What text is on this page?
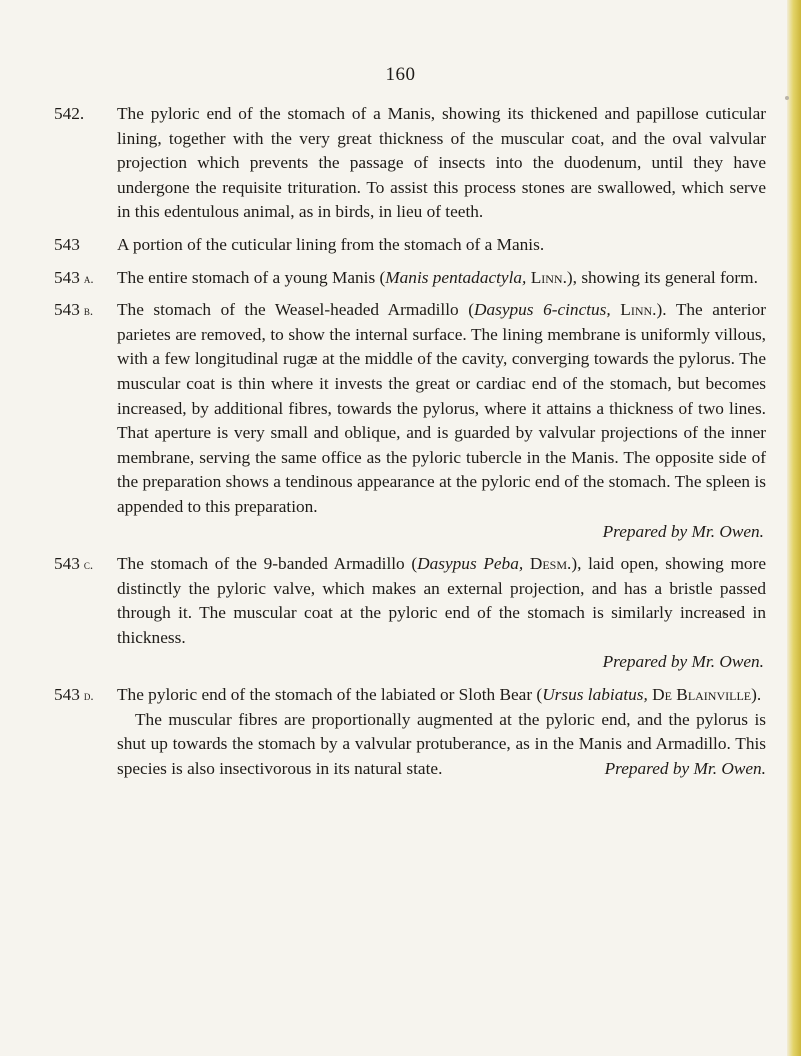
160
542. The pyloric end of the stomach of a Manis, showing its thickened and papillose cuticular lining, together with the very great thickness of the muscular coat, and the oval valvular projection which prevents the passage of insects into the duodenum, until they have undergone the requisite trituration. To assist this process stones are swallowed, which serve in this edentulous animal, as in birds, in lieu of teeth.
543 A portion of the cuticular lining from the stomach of a Manis.
543 a. The entire stomach of a young Manis (Manis pentadactyla, Linn.), showing its general form.
543 b. The stomach of the Weasel-headed Armadillo (Dasypus 6-cinctus, Linn.). The anterior parietes are removed, to show the internal surface. The lining membrane is uniformly villous, with a few longitudinal rugæ at the middle of the cavity, converging towards the pylorus. The muscular coat is thin where it invests the great or cardiac end of the stomach, but becomes increased, by additional fibres, towards the pylorus, where it attains a thickness of two lines. That aperture is very small and oblique, and is guarded by valvular projections of the inner membrane, serving the same office as the pyloric tubercle in the Manis. The opposite side of the preparation shows a tendinous appearance at the pyloric end of the stomach. The spleen is appended to this preparation.
Prepared by Mr. Owen.
543 c. The stomach of the 9-banded Armadillo (Dasypus Peba, Desm.), laid open, showing more distinctly the pyloric valve, which makes an external projection, and has a bristle passed through it. The muscular coat at the pyloric end of the stomach is similarly increased in thickness.
Prepared by Mr. Owen.
543 d. The pyloric end of the stomach of the labiated or Sloth Bear (Ursus labiatus, De Blainville).
The muscular fibres are proportionally augmented at the pyloric end, and the pylorus is shut up towards the stomach by a valvular protuberance, as in the Manis and Armadillo. This species is also insectivorous in its natural state.	Prepared by Mr. Owen.
